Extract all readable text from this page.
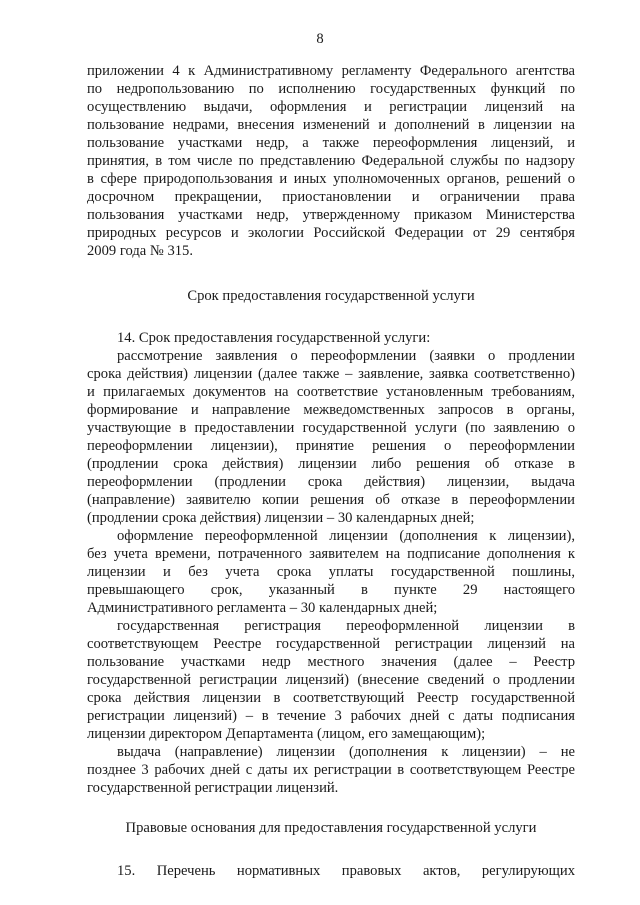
8

приложении 4 к Административному регламенту Федерального агентства

по недропользованию по исполнению государственных функций по

осуществлению выдачи, оформления и регистрации лицензий на

пользование недрами, внесения изменений и дополнений в лицензии на

пользование участками недр, а также переоформления лицензий, и

принятия, в том числе по представлению Федеральной службы по надзору

в сфере природопользования и иных уполномоченных органов, решений о

досрочном прекращении, приостановлении и ограничении права

пользования участками недр, утвержденному приказом Министерства

природных ресурсов и экологии Российской Федерации от 29 сентября

2009 года № 315.

Срок предоставления государственной услуги

14. Срок предоставления государственной услуги:

рассмотрение заявления о переоформлении (заявки о продлении

срока действия) лицензии (далее также – заявление, заявка соответственно)

и прилагаемых документов на соответствие установленным требованиям,

формирование и направление межведомственных запросов в органы,

участвующие в предоставлении государственной услуги (по заявлению о

переоформлении лицензии), принятие решения о переоформлении

(продлении срока действия) лицензии либо решения об отказе в

переоформлении (продлении срока действия) лицензии, выдача

(направление) заявителю копии решения об отказе в переоформлении

(продлении срока действия) лицензии – 30 календарных дней;

оформление переоформленной лицензии (дополнения к лицензии),

без учета времени, потраченного заявителем на подписание дополнения к

лицензии и без учета срока уплаты государственной пошлины,

превышающего срок, указанный в пункте 29 настоящего

Административного регламента – 30 календарных дней;

государственная регистрация переоформленной лицензии в

соответствующем Реестре государственной регистрации лицензий на

пользование участками недр местного значения (далее – Реестр

государственной регистрации лицензий) (внесение сведений о продлении

срока действия лицензии в соответствующий Реестр государственной

регистрации лицензий) – в течение 3 рабочих дней с даты подписания

лицензии директором Департамента (лицом, его замещающим);

выдача (направление) лицензии (дополнения к лицензии) – не

позднее 3 рабочих дней с даты их регистрации в соответствующем Реестре

государственной регистрации лицензий.

Правовые основания для предоставления государственной услуги

15. Перечень нормативных правовых актов, регулирующих
